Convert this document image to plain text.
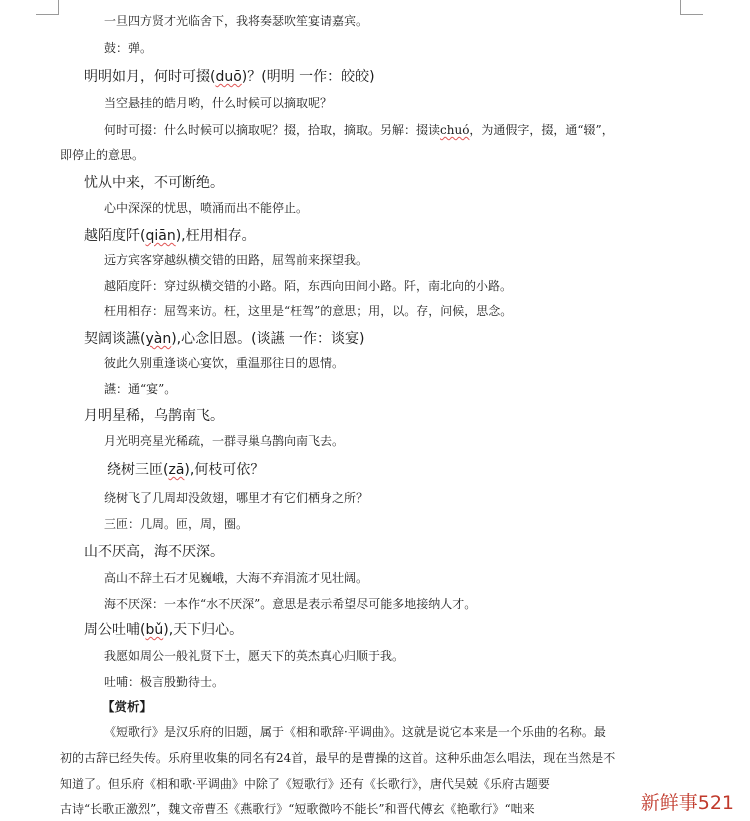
一旦四方贤才光临舍下，我将奏瑟吹笙宴请嘉宾。
鼓：弹。
明明如月，何时可掇(duō)？(明明 一作：皎皎)
当空悬挂的皓月哟，什么时候可以摘取呢？
何时可掇：什么时候可以摘取呢？掇，拾取，摘取。另解：掇读chuó，为通假字，掇，通“辍”，
即停止的意思。
忧从中来，不可断绝。
心中深深的忧思，喷涌而出不能停止。
越陌度阡(qiān),枉用相存。
远方宾客穿越纵横交错的田路，屈驾前来探望我。
越陌度阡：穿过纵横交错的小路。陌，东西向田间小路。阡，南北向的小路。
枉用相存：屈驾来访。枉，这里是“枉驾”的意思；用，以。存，问候，思念。
契阔谈讌(yàn),心念旧恩。(谈讌 一作：谈宴)
彼此久别重逢谈心宴饮，重温那往日的恩情。
讌：通“宴”。
月明星稀，乌鹊南飞。
月光明亮星光稀疏，一群寻巢乌鹊向南飞去。
绕树三匝(zā),何枝可依？
绕树飞了几周却没敛翅，哪里才有它们栖身之所？
三匝：几周。匝，周，圈。
山不厌高，海不厌深。
高山不辞土石才见巍峨，大海不弃涓流才见壮阔。
海不厌深：一本作“水不厌深”。意思是表示希望尽可能多地接纳人才。
周公吐哺(bǔ),天下归心。
我愿如周公一般礼贤下士，愿天下的英杰真心归顺于我。
吐哺：极言殷勤待士。
【赏析】
《短歌行》是汉乐府的旧题，属于《相和歌辞·平调曲》。这就是说它本来是一个乐曲的名称。最
初的古辞已经失传。乐府里收集的同名有24首，最早的是曹操的这首。这种乐曲怎么唱法，现在当然是不
知道了。但乐府《相和歌·平调曲》中除了《短歌行》还有《长歌行》，唐代吴兢《乐府古题要
古诗“长歌正激烈”，魏文帝曹丕《燕歌行》“短歌微吟不能长”和晋代傅玄《艳歌行》“咄来	新鲜事521
